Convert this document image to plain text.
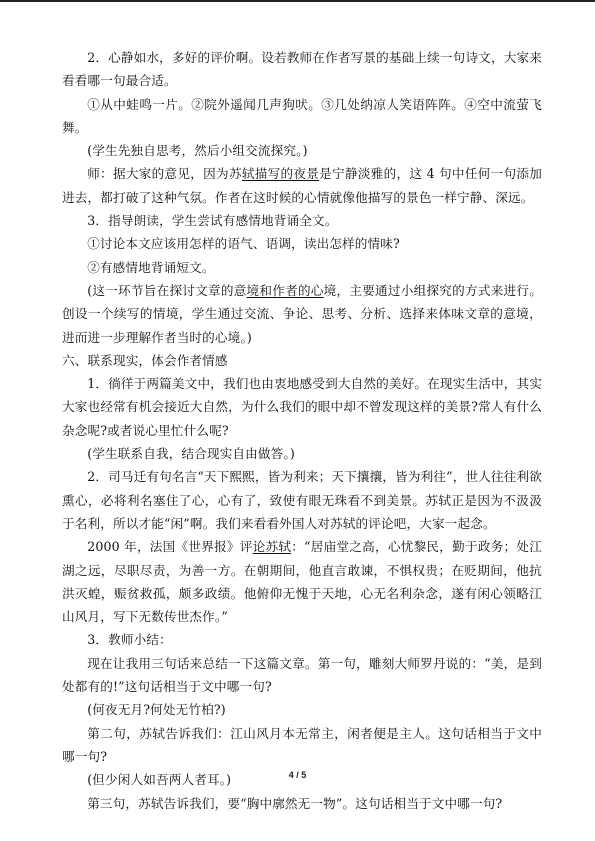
2．心静如水，多好的评价啊。设若教师在作者写景的基础上续一句诗文，大家来看看哪一句最合适。

①从中蛙鸣一片。②院外遥闻几声狗吠。③几处纳凉人笑语阵阵。④空中流萤飞舞。

(学生先独自思考，然后小组交流探究。)

师：据大家的意见，因为苏轼描写的夜景是宁静淡雅的，这 4 句中任何一句添加进去，都打破了这种气氛。作者在这时候的心情就像他描写的景色一样宁静、深远。

3．指导朗读，学生尝试有感情地背诵全文。

①讨论本文应该用怎样的语气、语调，读出怎样的情味?

②有感情地背诵短文。

(这一环节旨在探讨文章的意境和作者的心境，主要通过小组探究的方式来进行。创设一个续写的情境，学生通过交流、争论、思考、分析、选择来体味文章的意境，进而进一步理解作者当时的心境。)

六、联系现实，体会作者情感

1．徜徉于两篇美文中，我们也由衷地感受到大自然的美好。在现实生活中，其实大家也经常有机会接近大自然，为什么我们的眼中却不曾发现这样的美景?常人有什么杂念呢?或者说心里忙什么呢?

(学生联系自我，结合现实自由做答。)

2．司马迁有句名言“天下熙熙，皆为利来；天下攘攘，皆为利往”，世人往往利欲熏心，必将利名塞住了心，心有了，致使有眼无珠看不到美景。苏轼正是因为不汲汲于名利，所以才能“闲”啊。我们来看看外国人对苏轼的评论吧，大家一起念。

2000 年，法国《世界报》评论苏轼：“居庙堂之高，心忧黎民，勤于政务；处江湖之远，尽职尽责，为善一方。在朝期间，他直言敢谏，不惧权贵；在贬期间，他抗洪灭蝗，赈贫救孤，颇多政绩。他俯仰无愧于天地，心无名利杂念，遂有闲心领略江山风月，写下无数传世杰作。”

3．教师小结：

现在让我用三句话来总结一下这篇文章。第一句，雕刻大师罗丹说的：“美，是到处都有的!”这句话相当于文中哪一句?

(何夜无月?何处无竹柏?)

第二句，苏轼告诉我们：江山风月本无常主，闲者便是主人。这句话相当于文中哪一句?

(但少闲人如吾两人者耳。)

第三句，苏轼告诉我们，要“胸中廓然无一物”。这句话相当于文中哪一句?

4 / 5
